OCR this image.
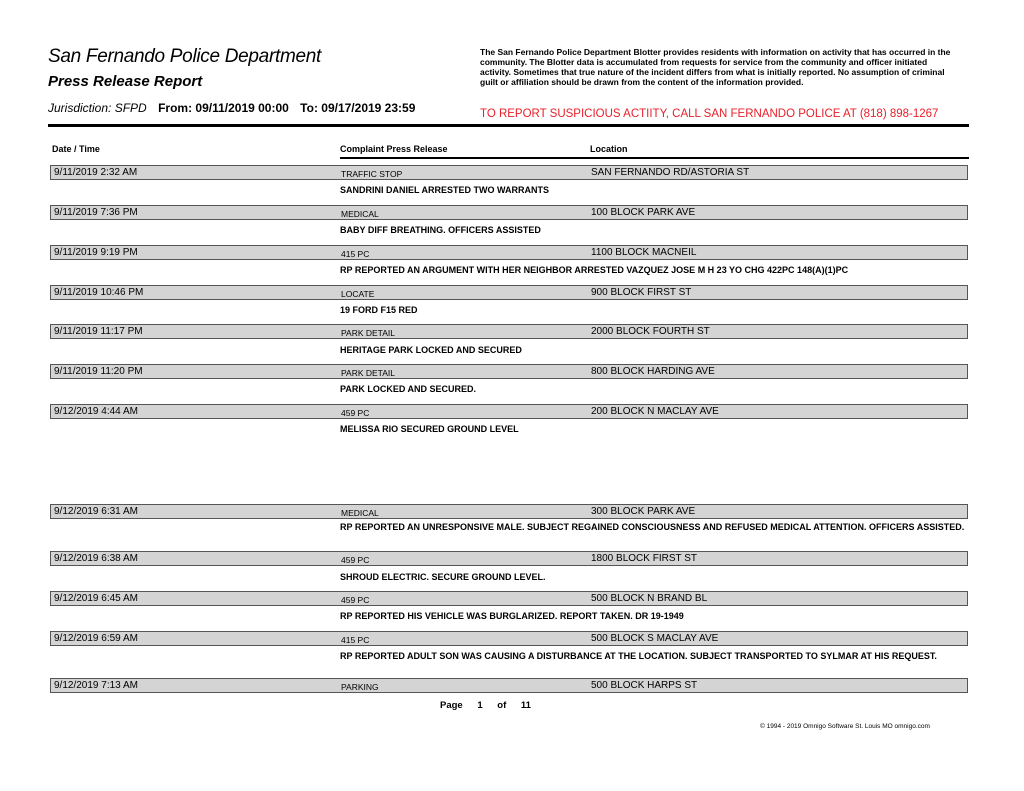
San Fernando Police Department
Press Release Report
Jurisdiction: SFPD From: 09/11/2019 00:00 To: 09/17/2019 23:59
The San Fernando Police Department Blotter provides residents with information on activity that has occurred in the community. The Blotter data is accumulated from requests for service from the community and officer initiated activity. Sometimes that true nature of the incident differs from what is initially reported. No assumption of criminal guilt or affiliation should be drawn from the content of the information provided.
TO REPORT SUSPICIOUS ACTIITY, CALL SAN FERNANDO POLICE AT (818) 898-1267
Date / Time	Complaint Press Release	Location
9/11/2019 2:32 AM	TRAFFIC STOP	SAN FERNANDO RD/ASTORIA ST
SANDRINI DANIEL ARRESTED TWO WARRANTS
9/11/2019 7:36 PM	MEDICAL	100 BLOCK PARK AVE
BABY DIFF BREATHING. OFFICERS ASSISTED
9/11/2019 9:19 PM	415 PC	1100 BLOCK MACNEIL
RP REPORTED AN ARGUMENT WITH HER NEIGHBOR ARRESTED VAZQUEZ JOSE M H 23 YO CHG 422PC 148(A)(1)PC
9/11/2019 10:46 PM	LOCATE	900 BLOCK FIRST ST
19 FORD F15 RED
9/11/2019 11:17 PM	PARK DETAIL	2000 BLOCK FOURTH ST
HERITAGE PARK LOCKED AND SECURED
9/11/2019 11:20 PM	PARK DETAIL	800 BLOCK HARDING AVE
PARK LOCKED AND SECURED.
9/12/2019 4:44 AM	459 PC	200 BLOCK N MACLAY AVE
MELISSA RIO SECURED GROUND LEVEL
9/12/2019 6:31 AM	MEDICAL	300 BLOCK PARK AVE
RP REPORTED AN UNRESPONSIVE MALE. SUBJECT REGAINED CONSCIOUSNESS AND REFUSED MEDICAL ATTENTION. OFFICERS ASSISTED.
9/12/2019 6:38 AM	459 PC	1800 BLOCK FIRST ST
SHROUD ELECTRIC. SECURE GROUND LEVEL.
9/12/2019 6:45 AM	459 PC	500 BLOCK N BRAND BL
RP REPORTED HIS VEHICLE WAS BURGLARIZED. REPORT TAKEN. DR 19-1949
9/12/2019 6:59 AM	415 PC	500 BLOCK S MACLAY AVE
RP REPORTED ADULT SON WAS CAUSING A DISTURBANCE AT THE LOCATION. SUBJECT TRANSPORTED TO SYLMAR AT HIS REQUEST.
9/12/2019 7:13 AM	PARKING	500 BLOCK HARPS ST
Page 1 of 11
© 1994 - 2019 Omnigo Software St. Louis MO omnigo.com
